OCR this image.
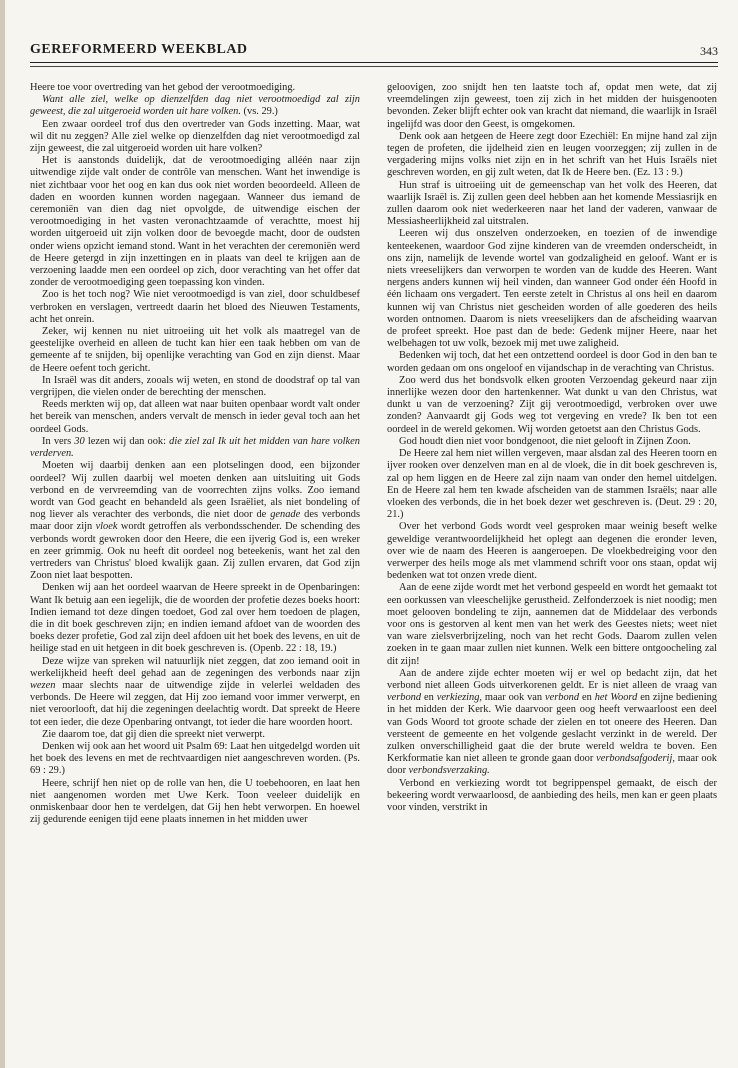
GEREFORMEERD WEEKBLAD	343

Heere toe voor overtreding van het gebod der verootmoediging.

Want alle ziel, welke op dienzelfden dag niet verootmoedigd zal zijn geweest, die zal uitgeroeid worden uit hare volken. (vs. 29.)

Een zwaar oordeel trof dus den overtreder van Gods inzetting. Maar, wat wil dit nu zeggen? Alle ziel welke op dienzelfden dag niet verootmoedigd zal zijn geweest, die zal uitgeroeid worden uit hare volken?

Het is aanstonds duidelijk, dat de verootmoediging alléén naar zijn uitwendige zijde valt onder de contrôle van menschen. Want het inwendige is niet zichtbaar voor het oog en kan dus ook niet worden beoordeeld. Alleen de daden en woorden kunnen worden nagegaan. Wanneer dus iemand de ceremoniën van dien dag niet opvolgde, de uitwendige eischen der verootmoediging in het vasten veronachtzaamde of verachtte, moest hij worden uitgeroeid uit zijn volken door de bevoegde macht, door de oudsten onder wiens opzicht iemand stond. Want in het verachten der ceremoniën werd de Heere getergd in zijn inzettingen en in plaats van deel te krijgen aan de verzoening laadde men een oordeel op zich, door verachting van het offer dat zonder de verootmoediging geen toepassing kon vinden.

Zoo is het toch nog? Wie niet verootmoedigd is van ziel, door schuldbesef verbroken en verslagen, vertreedt daarin het bloed des Nieuwen Testaments, acht het onrein.

Zeker, wij kennen nu niet uitroeiing uit het volk als maatregel van de geestelijke overheid en alleen de tucht kan hier een taak hebben om van de gemeente af te snijden, bij openlijke verachting van God en zijn dienst. Maar de Heere oefent toch gericht.

In Israël was dit anders, zooals wij weten, en stond de doodstraf op tal van vergrijpen, die vielen onder de berechting der menschen.

Reeds merkten wij op, dat alleen wat naar buiten openbaar wordt valt onder het bereik van menschen, anders vervalt de mensch in ieder geval toch aan het oordeel Gods.

In vers 30 lezen wij dan ook: die ziel zal Ik uit het midden van hare volken verderven.

Moeten wij daarbij denken aan een plotselingen dood, een bijzonder oordeel? Wij zullen daarbij wel moeten denken aan uitsluiting uit Gods verbond en de vervreemding van de voorrechten zijns volks. Zoo iemand wordt van God geacht en behandeld als geen Israëliet, als niet bondeling of nog liever als verachter des verbonds, die niet door de genade des verbonds maar door zijn vloek wordt getroffen als verbondsschender. De schending des verbonds wordt gewroken door den Heere, die een ijverig God is, een wreker en zeer grimmig. Ook nu heeft dit oordeel nog beteekenis, want het zal den vertreders van Christus' bloed kwalijk gaan. Zij zullen ervaren, dat God zijn Zoon niet laat bespotten.

Denken wij aan het oordeel waarvan de Heere spreekt in de Openbaringen: Want Ik betuig aan een iegelijk, die de woorden der profetie dezes boeks hoort: Indien iemand tot deze dingen toedoet, God zal over hem toedoen de plagen, die in dit boek geschreven zijn; en indien iemand afdoet van de woorden des boeks dezer profetie, God zal zijn deel afdoen uit het boek des levens, en uit de heilige stad en uit hetgeen in dit boek geschreven is. (Openb. 22 : 18, 19.)

Deze wijze van spreken wil natuurlijk niet zeggen, dat zoo iemand ooit in werkelijkheid heeft deel gehad aan de zegeningen des verbonds naar zijn wezen maar slechts naar de uitwendige zijde in velerlei weldaden des verbonds. De Heere wil zeggen, dat Hij zoo iemand voor immer verwerpt, en niet veroorlooft, dat hij die zegeningen deelachtig wordt. Dat spreekt de Heere tot een ieder, die deze Openbaring ontvangt, tot ieder die hare woorden hoort.

Zie daarom toe, dat gij dien die spreekt niet verwerpt.

Denken wij ook aan het woord uit Psalm 69: Laat hen uitgedelgd worden uit het boek des levens en met de rechtvaardigen niet aangeschreven worden. (Ps. 69 : 29.)

Heere, schrijf hen niet op de rolle van hen, die U toebehooren, en laat hen niet aangenomen worden met Uwe Kerk. Toon veeleer duidelijk en onmiskenbaar door hen te verdelgen, dat Gij hen hebt verworpen. En hoewel zij gedurende eenigen tijd eene plaats innemen in het midden uwer

geloovigen, zoo snijdt hen ten laatste toch af, opdat men wete, dat zij vreemdelingen zijn geweest, toen zij zich in het midden der huisgenooten bevonden. Zeker blijft echter ook van kracht dat niemand, die waarlijk in Israël ingelijfd was door den Geest, is omgekomen.

Denk ook aan hetgeen de Heere zegt door Ezechiël: En mijne hand zal zijn tegen de profeten, die ijdelheid zien en leugen voorzeggen; zij zullen in de vergadering mijns volks niet zijn en in het schrift van het Huis Israëls niet geschreven worden, en gij zult weten, dat Ik de Heere ben. (Ez. 13 : 9.)

Hun straf is uitroeiing uit de gemeenschap van het volk des Heeren, dat waarlijk Israël is. Zij zullen geen deel hebben aan het komende Messiasrijk en zullen daarom ook niet wederkeeren naar het land der vaderen, vanwaar de Messiasheerlijkheid zal uitstralen.

Leeren wij dus onszelven onderzoeken, en toezien of de inwendige kenteekenen, waardoor God zijne kinderen van de vreemden onderscheidt, in ons zijn, namelijk de levende wortel van godzaligheid en geloof. Want er is niets vreeselijkers dan verworpen te worden van de kudde des Heeren. Want nergens anders kunnen wij heil vinden, dan wanneer God onder één Hoofd in één lichaam ons vergadert. Ten eerste zetelt in Christus al ons heil en daarom kunnen wij van Christus niet gescheiden worden of alle goederen des heils worden ontnomen. Daarom is niets vreeselijkers dan de afscheiding waarvan de profeet spreekt. Hoe past dan de bede: Gedenk mijner Heere, naar het welbehagen tot uw volk, bezoek mij met uwe zaligheid.

Bedenken wij toch, dat het een ontzettend oordeel is door God in den ban te worden gedaan om ons ongeloof en vijandschap in de verachting van Christus.

Zoo werd dus het bondsvolk elken grooten Verzoendag gekeurd naar zijn innerlijke wezen door den hartenkenner. Wat dunkt u van den Christus, wat dunkt u van de verzoening? Zijt gij verootmoedigd, verbroken over uwe zonden? Aanvaardt gij Gods weg tot vergeving en vrede? Ik ben tot een oordeel in de wereld gekomen. Wij worden getoetst aan den Christus Gods.

God houdt dien niet voor bondgenoot, die niet gelooft in Zijnen Zoon.

De Heere zal hem niet willen vergeven, maar alsdan zal des Heeren toorn en ijver rooken over denzelven man en al de vloek, die in dit boek geschreven is, zal op hem liggen en de Heere zal zijn naam van onder den hemel uitdelgen. En de Heere zal hem ten kwade afscheiden van de stammen Israëls; naar alle vloeken des verbonds, die in het boek dezer wet geschreven is. (Deut. 29 : 20, 21.)

Over het verbond Gods wordt veel gesproken maar weinig beseft welke geweldige verantwoordelijkheid het oplegt aan degenen die eronder leven, over wie de naam des Heeren is aangeroepen. De vloekbedreiging voor den verwerper des heils moge als met vlammend schrift voor ons staan, opdat wij bedenken wat tot onzen vrede dient.

Aan de eene zijde wordt met het verbond gespeeld en wordt het gemaakt tot een oorkussen van vleeschelijke gerustheid. Zelfonderzoek is niet noodig; men moet gelooven bondeling te zijn, aannemen dat de Middelaar des verbonds voor ons is gestorven al kent men van het werk des Geestes niets; weet niet van ware zielsverbrijzeling, noch van het recht Gods. Daarom zullen velen zoeken in te gaan maar zullen niet kunnen. Welk een bittere ontgoocheling zal dit zijn!

Aan de andere zijde echter moeten wij er wel op bedacht zijn, dat het verbond niet alleen Gods uitverkorenen geldt. Er is niet alleen de vraag van verbond en verkiezing, maar ook van verbond en het Woord en zijne bediening in het midden der Kerk. Wie daarvoor geen oog heeft verwaarloost een deel van Gods Woord tot groote schade der zielen en tot oneere des Heeren. Dan versteent de gemeente en het volgende geslacht verzinkt in de wereld. Der zulken onverschilligheid gaat die der brute wereld weldra te boven. Een Kerkformatie kan niet alleen te gronde gaan door verbondsafgoderij, maar ook door verbondsverzaking.

Verbond en verkiezing wordt tot begrippenspel gemaakt, de eisch der bekeering wordt verwaarloosd, de aanbieding des heils, men kan er geen plaats voor vinden, verstrikt in
